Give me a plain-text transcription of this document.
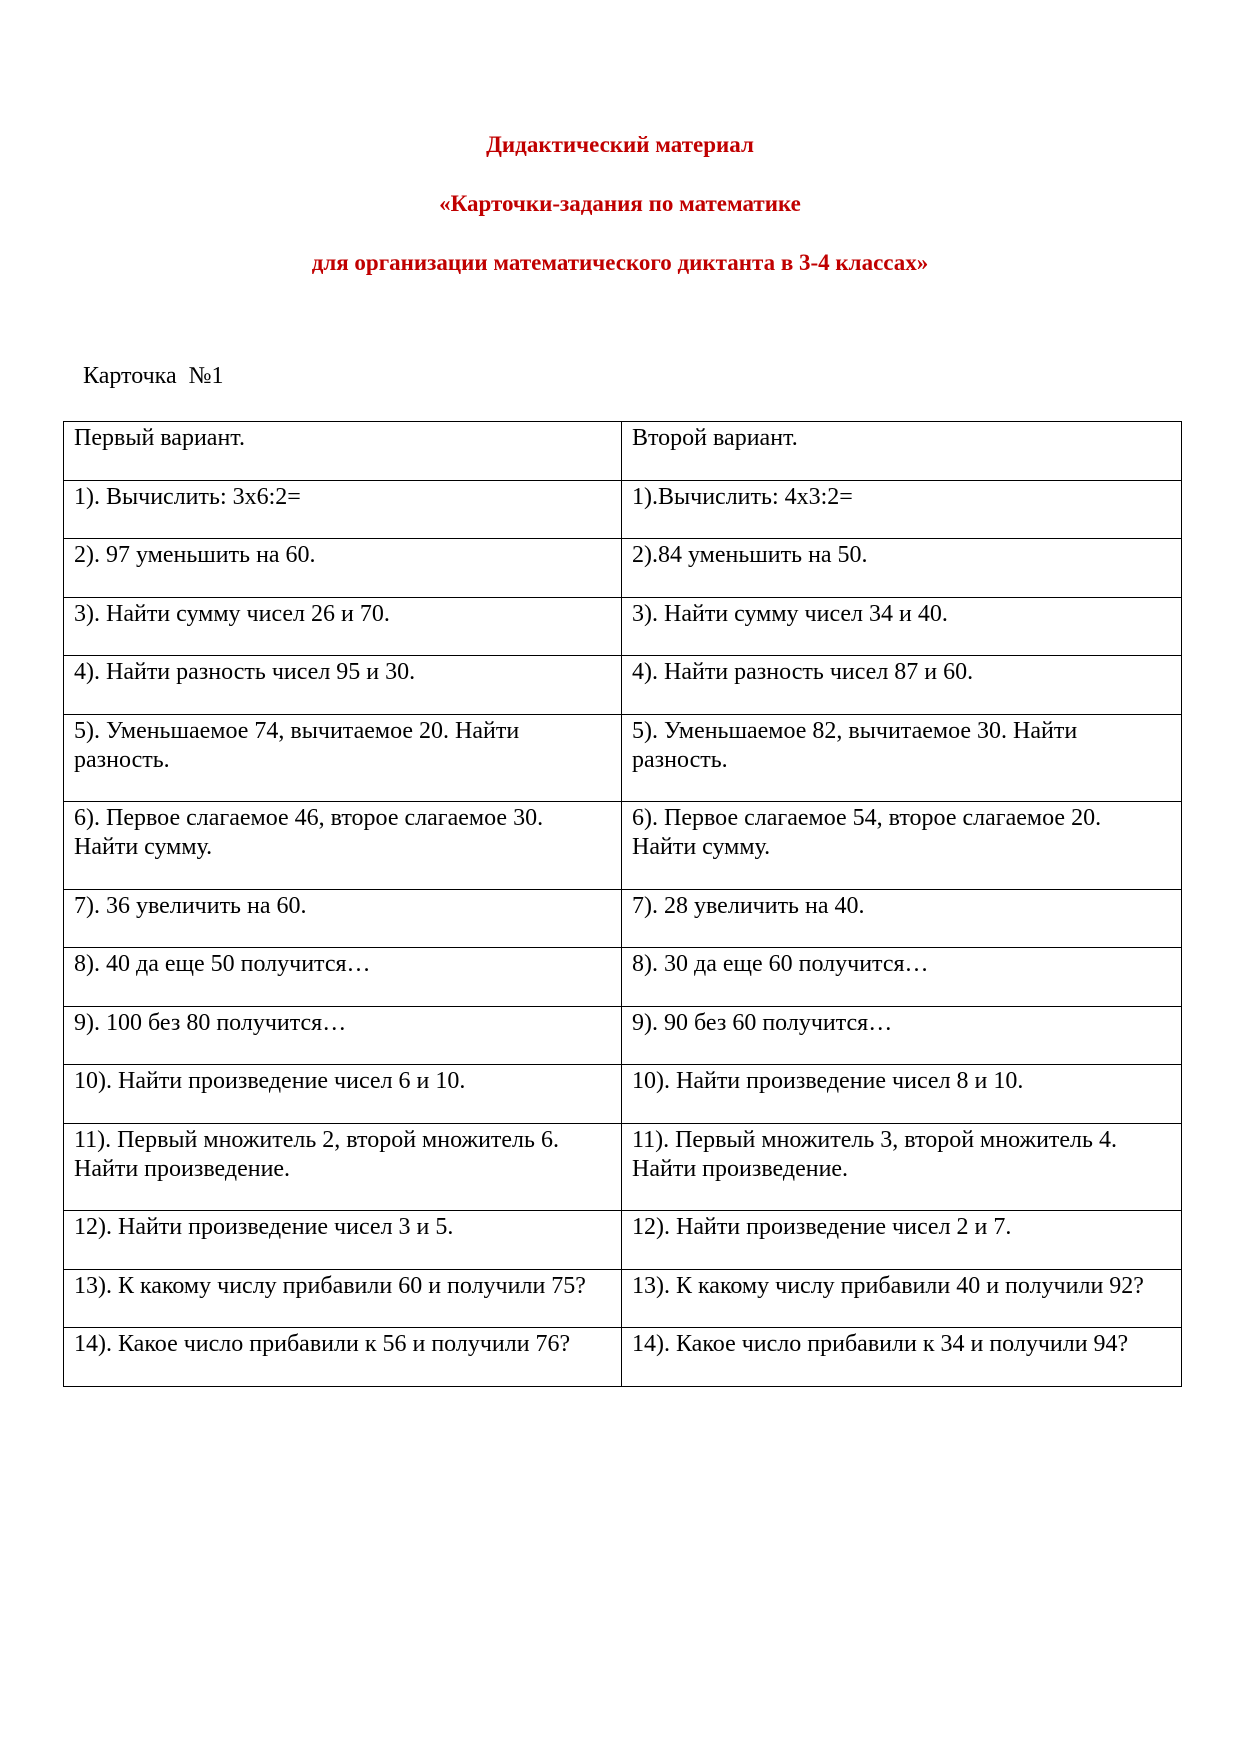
Дидактический материал
«Карточки-задания по математике
для организации математического диктанта в 3-4 классах»
Карточка  №1
Первый вариант.	Второй вариант.
1). Вычислить: 3х6:2=	1).Вычислить: 4х3:2=
2). 97 уменьшить на 60.	2).84 уменьшить на 50.
3). Найти сумму чисел 26 и 70.	3). Найти сумму чисел 34 и 40.
4). Найти разность чисел 95 и 30.	4). Найти разность чисел 87 и 60.
5). Уменьшаемое 74, вычитаемое 20. Найти разность.	5). Уменьшаемое 82, вычитаемое 30. Найти разность.
6). Первое слагаемое 46, второе слагаемое 30. Найти сумму.	6). Первое слагаемое 54, второе слагаемое 20. Найти сумму.
7). 36 увеличить на 60.	7). 28 увеличить на 40.
8). 40 да еще 50 получится…	8). 30 да еще 60 получится…
9). 100 без 80 получится…	9). 90 без 60 получится…
10). Найти произведение чисел 6 и 10.	10). Найти произведение чисел 8 и 10.
11). Первый множитель 2, второй множитель 6. Найти произведение.	11). Первый множитель 3, второй множитель 4. Найти произведение.
12). Найти произведение чисел 3 и 5.	12). Найти произведение чисел 2 и 7.
13). К какому числу прибавили 60 и получили 75?	13). К какому числу прибавили 40 и получили 92?
14). Какое число прибавили к 56 и получили 76?	14). Какое число прибавили к 34 и получили 94?
